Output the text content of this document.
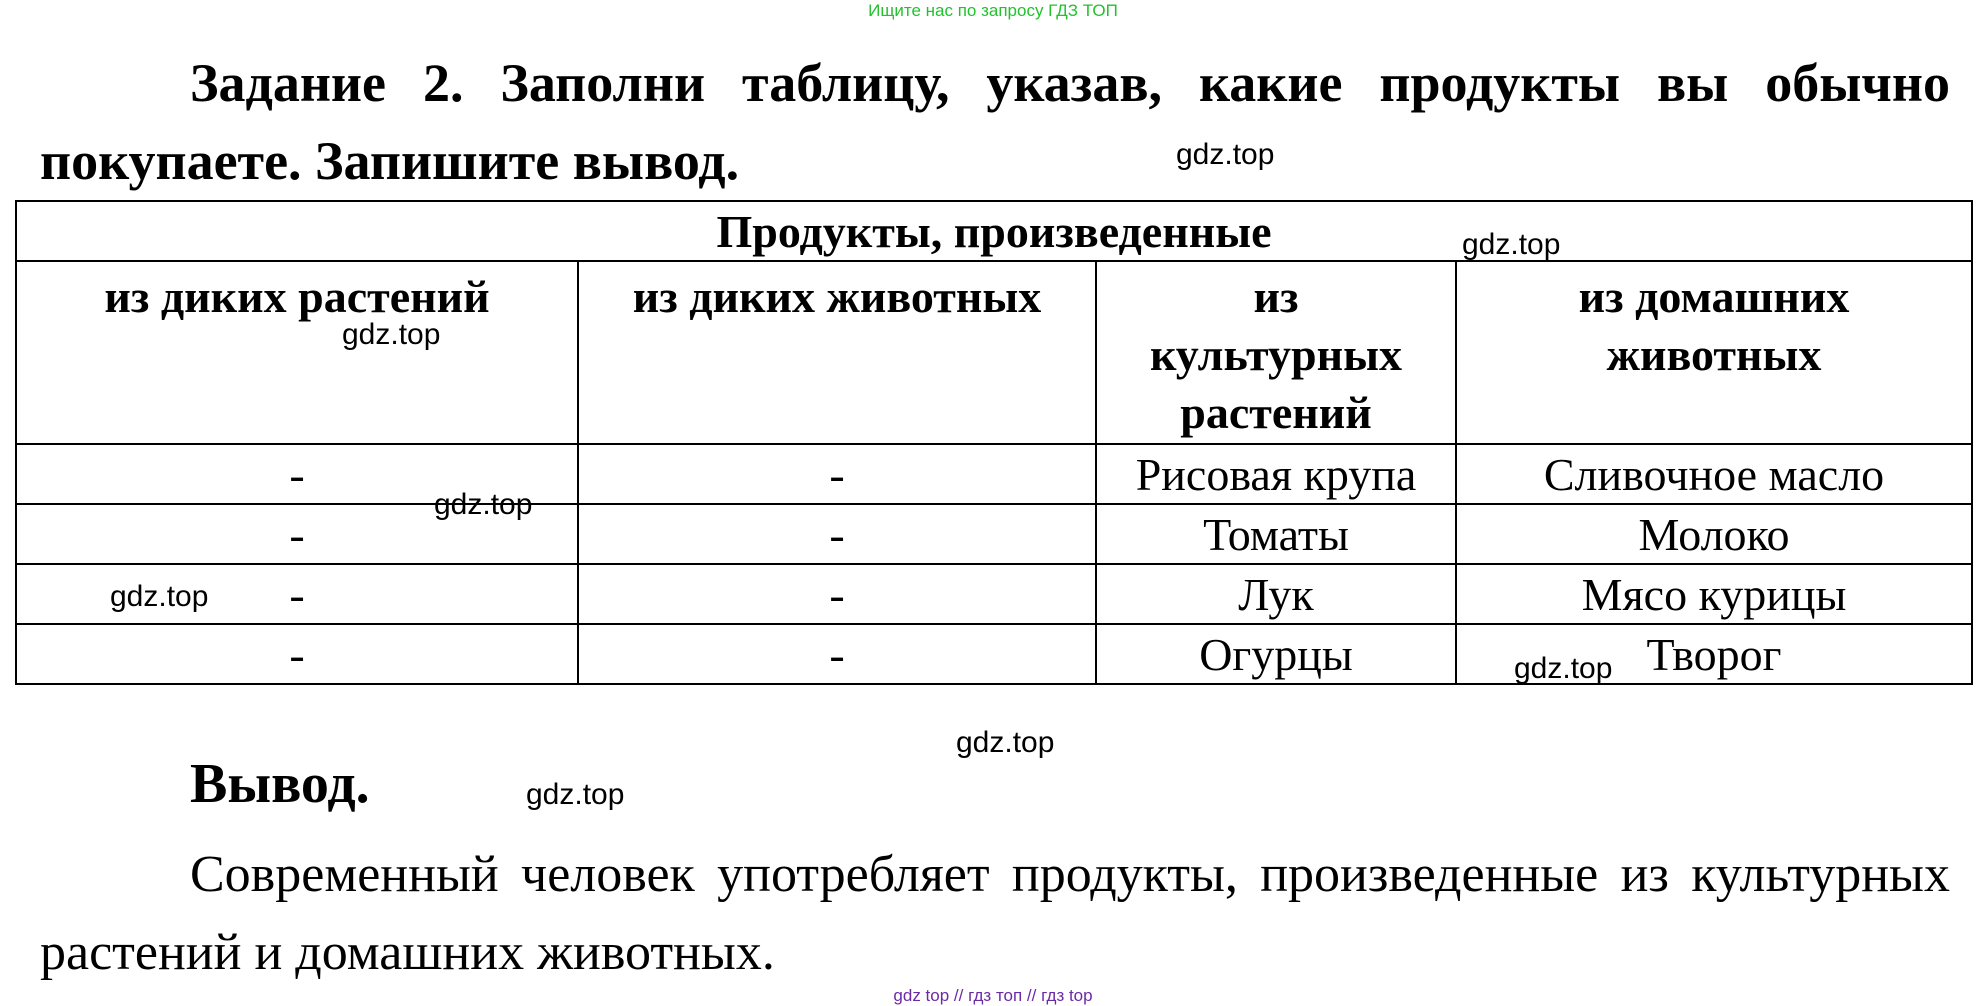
Ищите нас по запросу ГДЗ ТОП
Задание 2. Заполни таблицу, указав, какие продукты вы обычно покупаете. Запишите вывод.
Продукты, произведенные			
из диких растений	из диких животных	из культурных растений	из домашних животных
-	-	Рисовая крупа	Сливочное масло
-	-	Томаты	Молоко
-	-	Лук	Мясо курицы
-	-	Огурцы	Творог
Вывод.
Современный человек употребляет продукты, произведенные из культурных растений и домашних животных.
gdz.top
gdz.top
gdz.top
gdz.top
gdz.top
gdz.top
gdz.top
gdz.top
gdz top // гдз топ // гдз top
